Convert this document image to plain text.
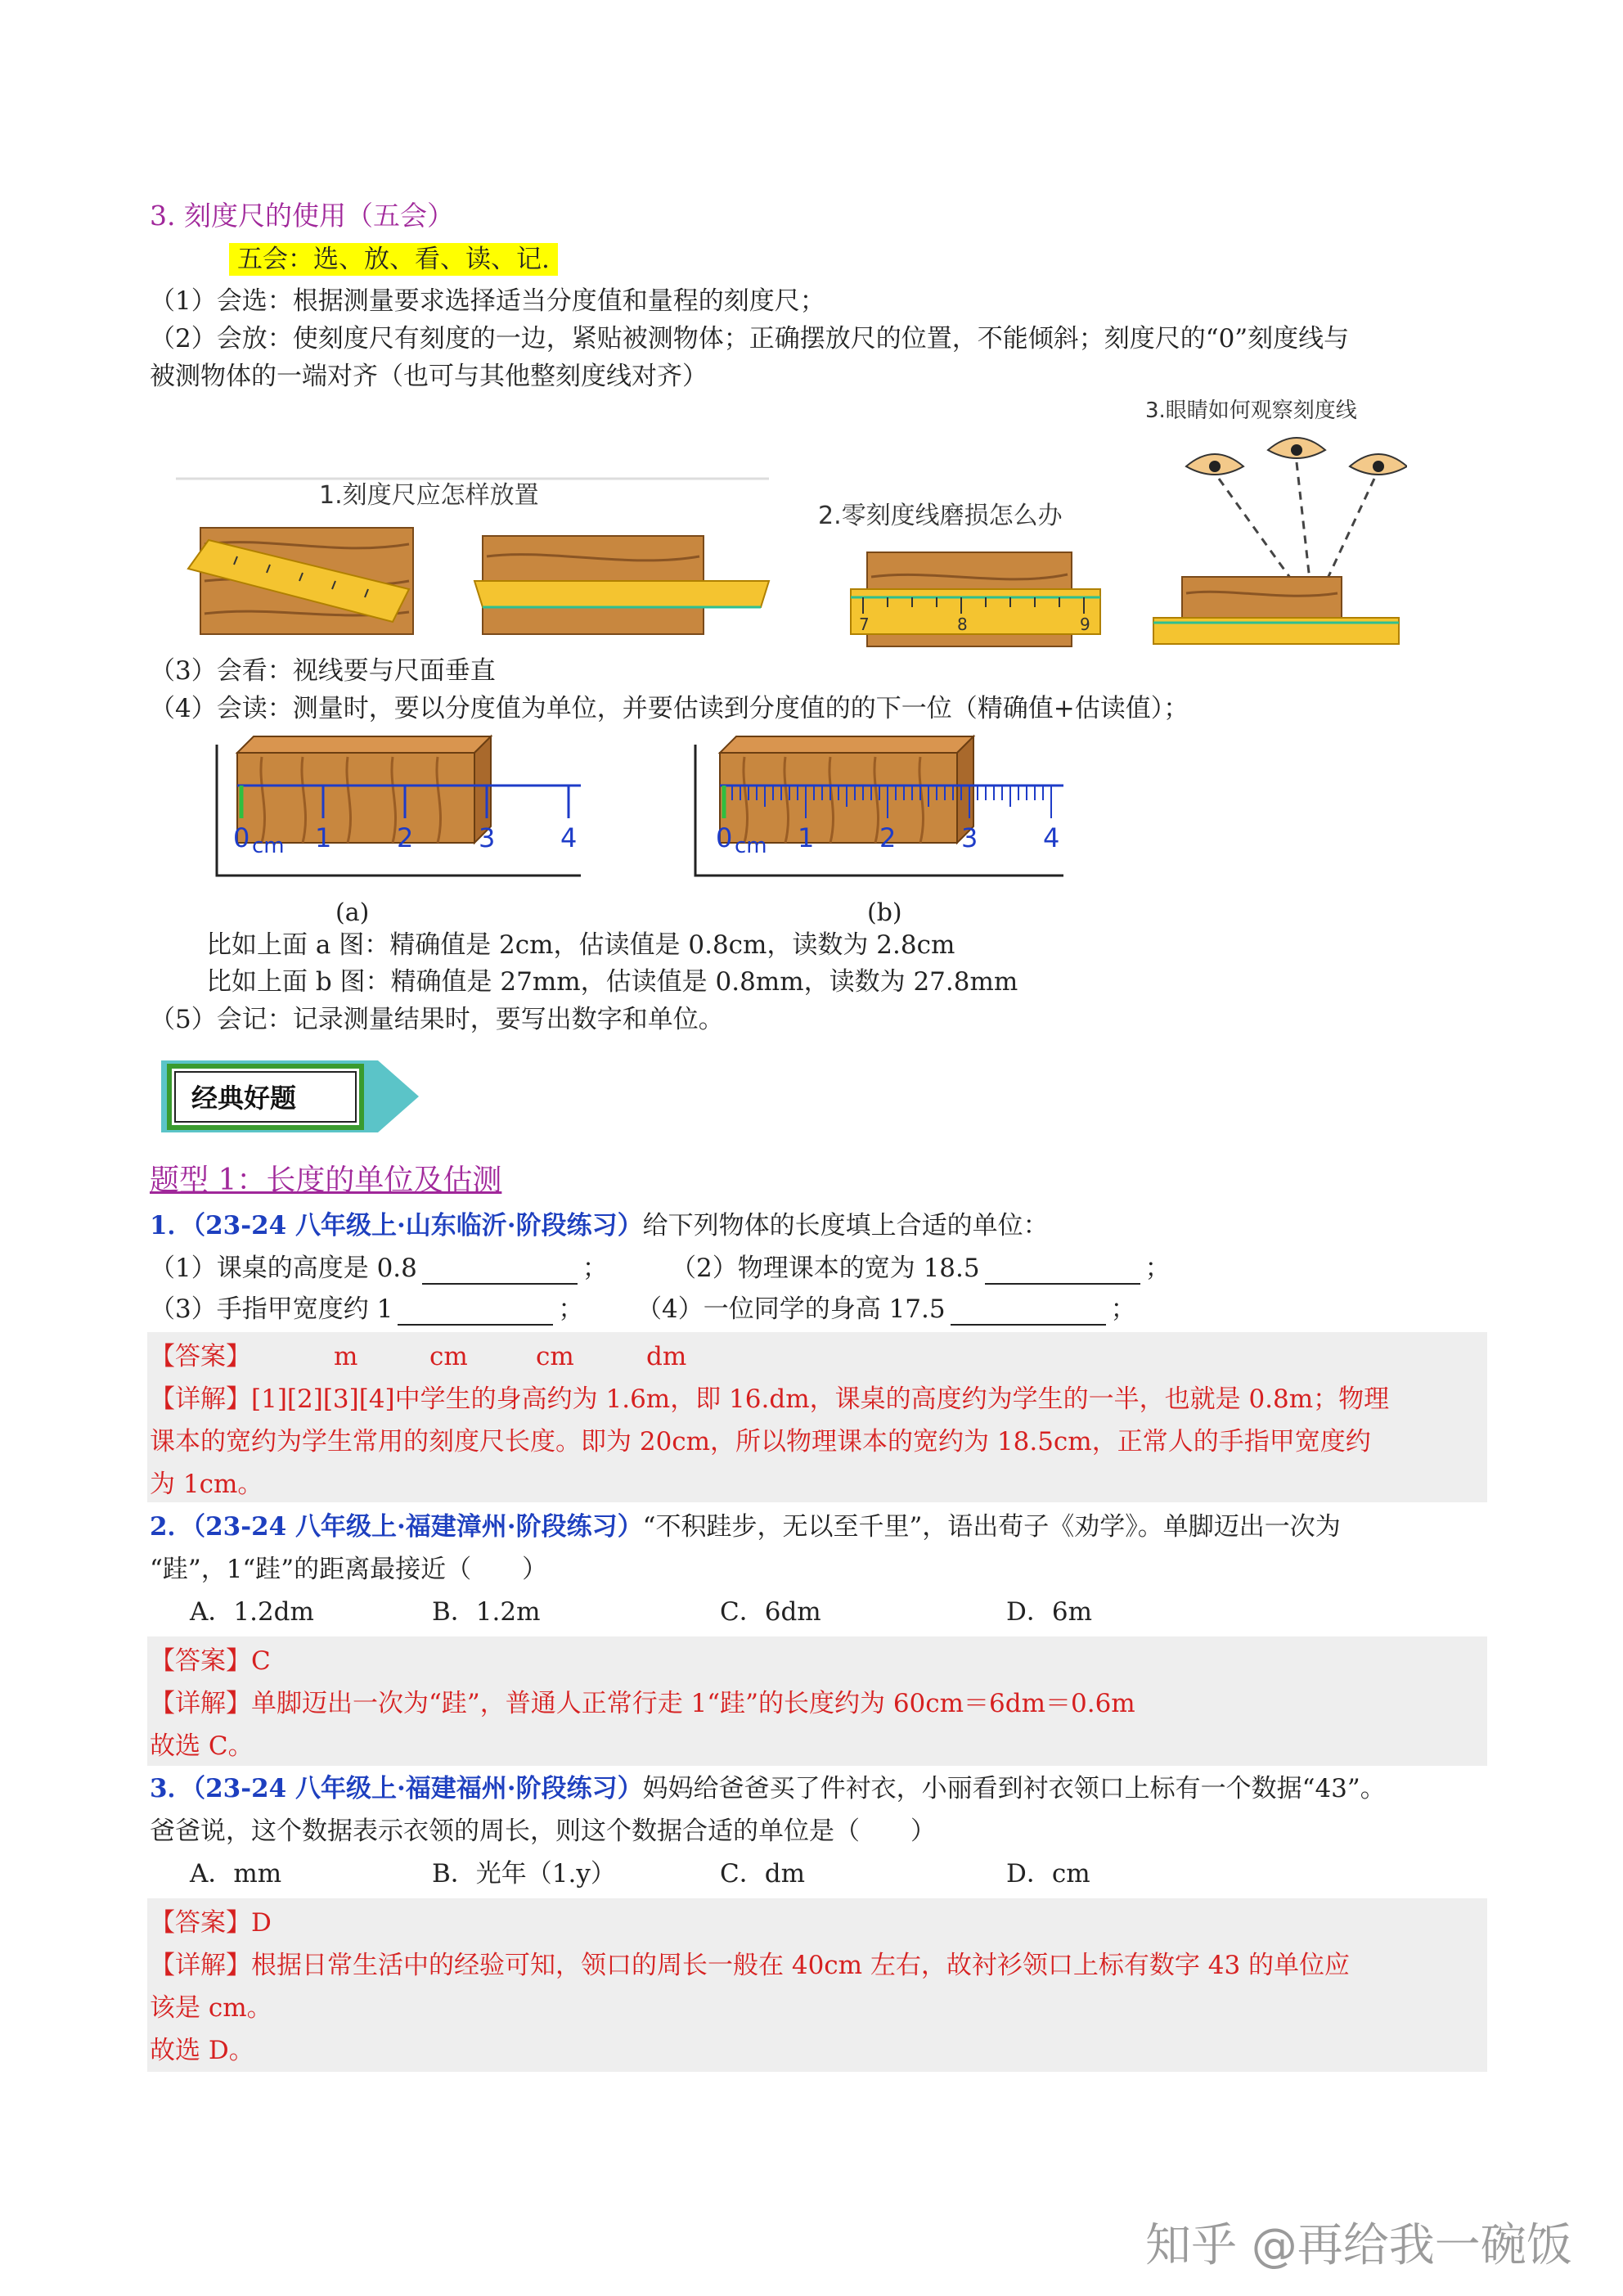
3. 刻度尺的使用（五会）
五会：选、放、看、读、记.
（1）会选：根据测量要求选择适当分度值和量程的刻度尺；
（2）会放：使刻度尺有刻度的一边，紧贴被测物体；正确摆放尺的位置，不能倾斜；刻度尺的“0”刻度线与
被测物体的一端对齐（也可与其他整刻度线对齐）
1.刻度尺应怎样放置
2.零刻度线磨损怎么办
7	8	9
3.眼睛如何观察刻度线
（3）会看：视线要与尺面垂直
（4）会读：测量时，要以分度值为单位，并要估读到分度值的的下一位（精确值+估读值）；
0 1 2 3 4
cm
(a)
0 1 2 3 4
cm
(b)
比如上面 a 图：精确值是 2cm，估读值是 0.8cm，读数为 2.8cm
比如上面 b 图：精确值是 27mm，估读值是 0.8mm，读数为 27.8mm
（5）会记：记录测量结果时，要写出数字和单位。
经典好题
题型 1：长度的单位及估测
1．（23-24 八年级上·山东临沂·阶段练习）给下列物体的长度填上合适的单位：
（1）课桌的高度是 0.8	； （2）物理课本的宽为 18.5	；
（3）手指甲宽度约 1	； （4）一位同学的身高 17.5	；
【答案】	m	cm	cm	dm
【详解】[1][2][3][4]中学生的身高约为 1.6m，即 16.dm，课桌的高度约为学生的一半，也就是 0.8m；物理
课本的宽约为学生常用的刻度尺长度。即为 20cm，所以物理课本的宽约为 18.5cm，正常人的手指甲宽度约
为 1cm。
2．（23-24 八年级上·福建漳州·阶段练习）“不积跬步，无以至千里”，语出荀子《劝学》。单脚迈出一次为
“跬”，1“跬”的距离最接近（　　）
A．1.2dm	B．1.2m	C．6dm	D．6m
【答案】C
【详解】单脚迈出一次为“跬”，普通人正常行走 1“跬”的长度约为 60cm＝6dm＝0.6m
故选 C。
3．（23-24 八年级上·福建福州·阶段练习）妈妈给爸爸买了件衬衣，小丽看到衬衣领口上标有一个数据“43”。
爸爸说，这个数据表示衣领的周长，则这个数据合适的单位是（　　）
A．mm	B．光年（1.y）	C．dm	D．cm
【答案】D
【详解】根据日常生活中的经验可知，领口的周长一般在 40cm 左右，故衬衫领口上标有数字 43 的单位应
该是 cm。
故选 D。
知乎 @再给我一碗饭
